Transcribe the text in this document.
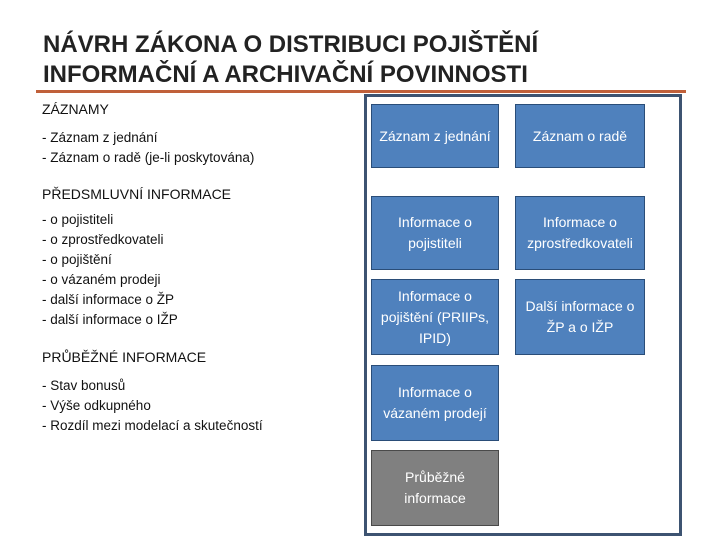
NÁVRH ZÁKONA O DISTRIBUCI POJIŠTĚNÍ
INFORMAČNÍ A ARCHIVAČNÍ POVINNOSTI
ZÁZNAMY
- Záznam z jednání
- Záznam o radě (je-li poskytována)
PŘEDSMLUVNÍ INFORMACE
- o pojistiteli
- o zprostředkovateli
- o pojištění
- o vázaném prodeji
- další informace o ŽP
- další informace o IŽP
PRŮBĚŽNÉ INFORMACE
- Stav bonusů
- Výše odkupného
- Rozdíl mezi modelací a skutečností
Záznam z jednání	Záznam o radě
Informace o pojistiteli
Informace o zprostředkovateli
Informace o pojištění (PRIIPs, IPID)
Další informace o ŽP a o IŽP
Informace o vázaném prodejí
Průběžné informace
